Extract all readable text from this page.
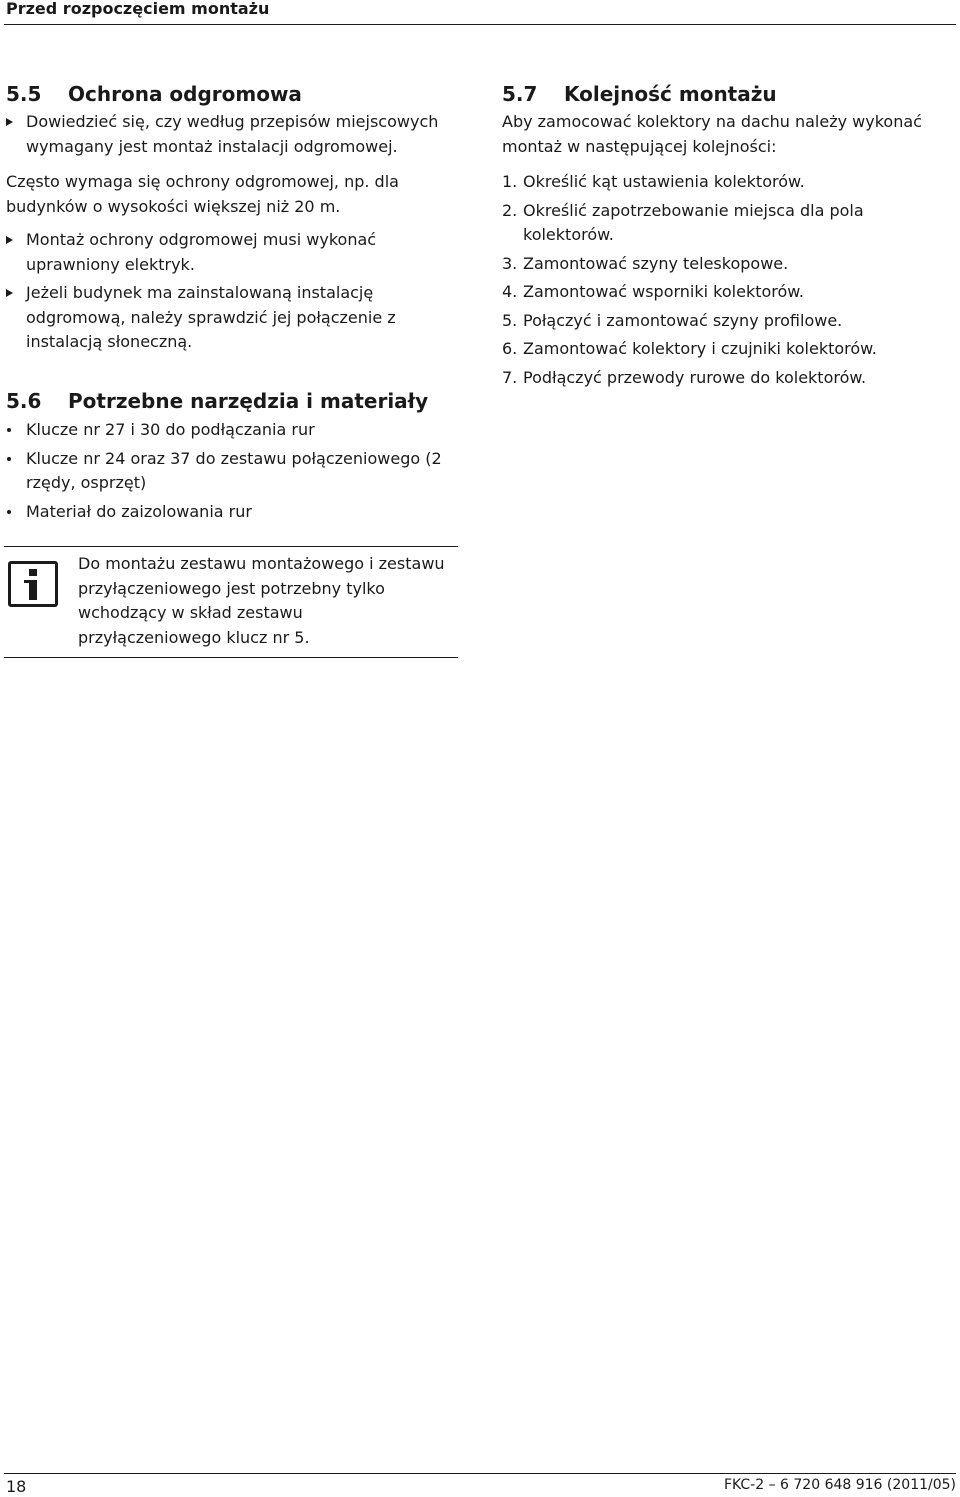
Przed rozpoczęciem montażu
5.5 Ochrona odgromowa
Dowiedzieć się, czy według przepisów miejscowych wymagany jest montaż instalacji odgromowej.

Często wymaga się ochrony odgromowej, np. dla budynków o wysokości większej niż 20 m.

Montaż ochrony odgromowej musi wykonać uprawniony elektryk.
Jeżeli budynek ma zainstalowaną instalację odgromową, należy sprawdzić jej połączenie z instalacją słoneczną.
5.6 Potrzebne narzędzia i materiały
Klucze nr 27 i 30 do podłączania rur
Klucze nr 24 oraz 37 do zestawu połączeniowego (2 rzędy, osprzęt)
Materiał do zaizolowania rur

Do montażu zestawu montażowego i zestawu przyłączeniowego jest potrzebny tylko wchodzący w skład zestawu przyłączeniowego klucz nr 5.

5.7 Kolejność montażu

Aby zamocować kolektory na dachu należy wykonać montaż w następującej kolejności:

1. Określić kąt ustawienia kolektorów.
2. Określić zapotrzebowanie miejsca dla pola kolektorów.
3. Zamontować szyny teleskopowe.
4. Zamontować wsporniki kolektorów.
5. Połączyć i zamontować szyny profilowe.
6. Zamontować kolektory i czujniki kolektorów.
7. Podłączyć przewody rurowe do kolektorów.
18	FKC-2 – 6 720 648 916 (2011/05)
